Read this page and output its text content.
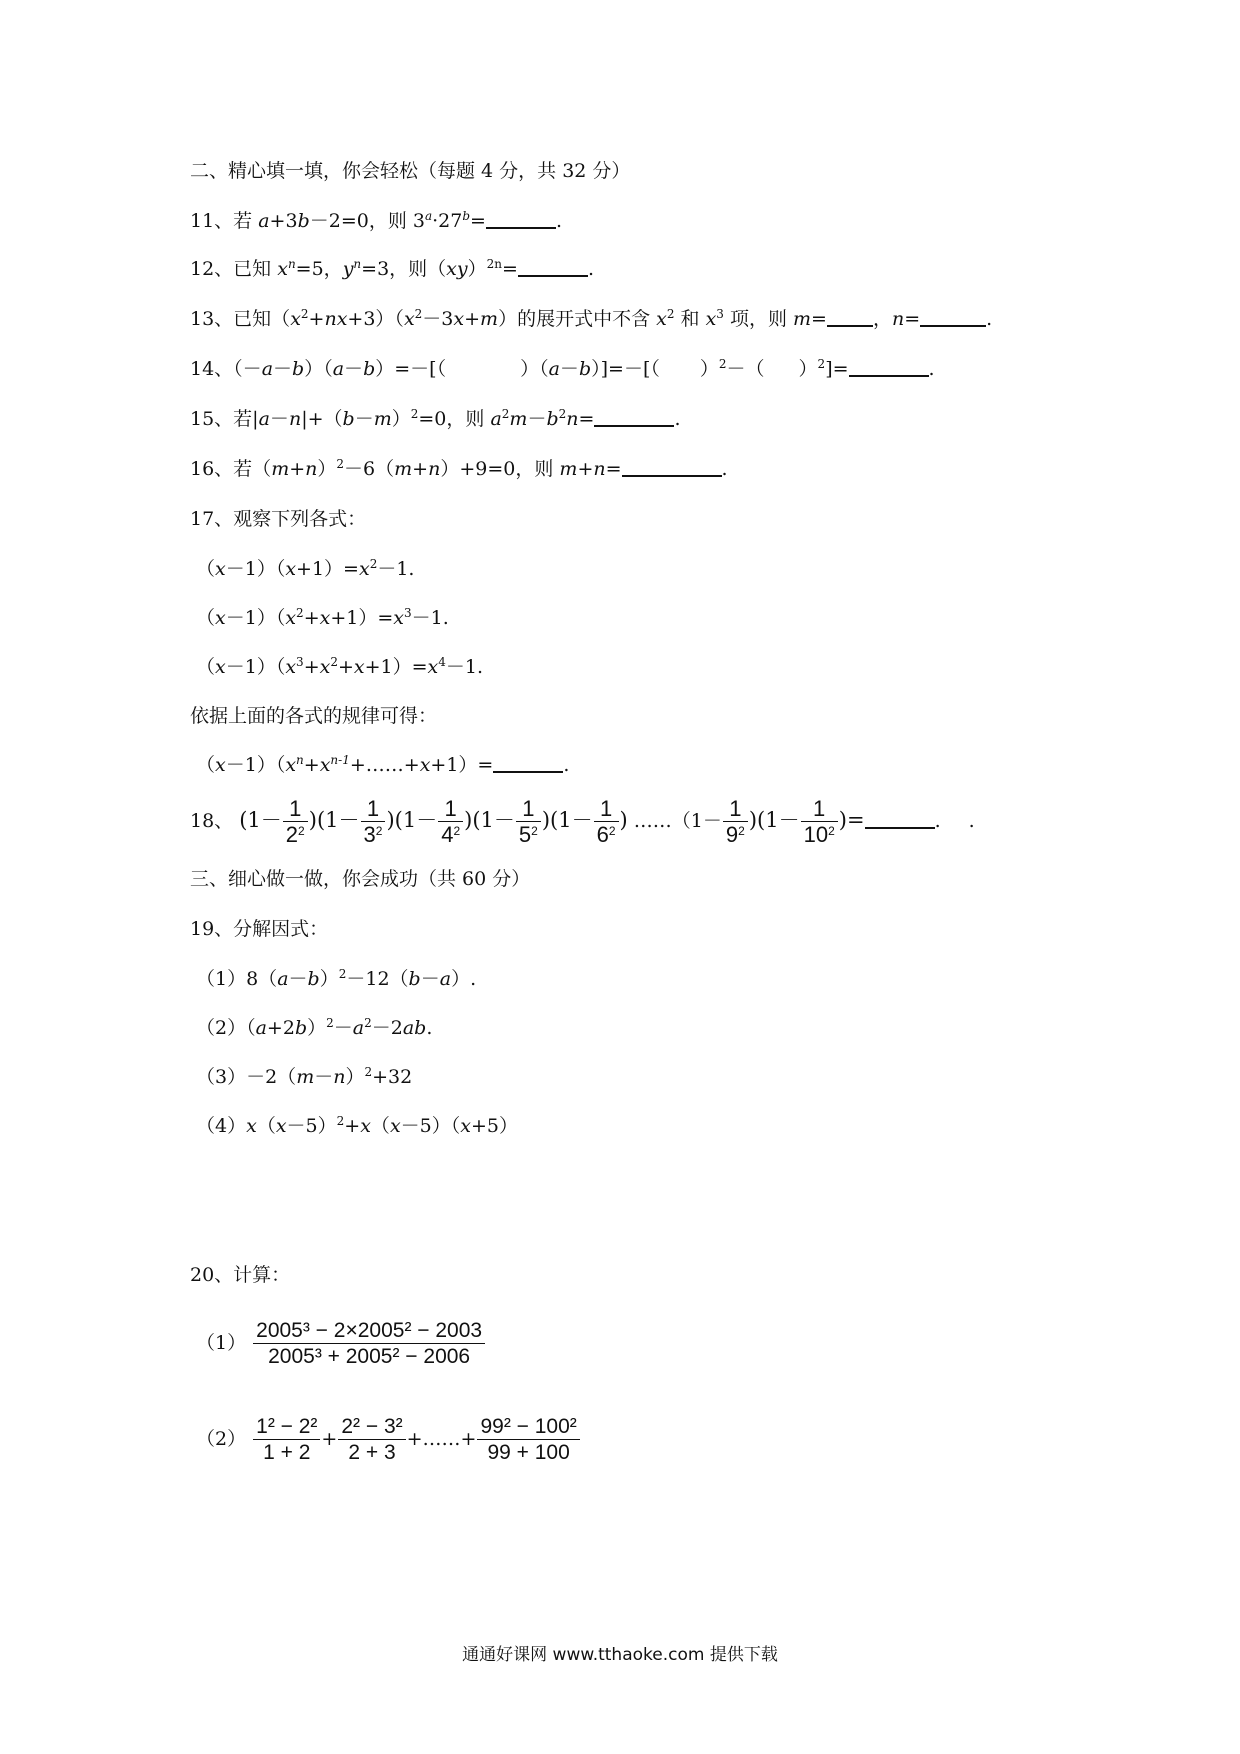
二、精心填一填，你会轻松（每题 4 分，共 32 分）
11、若 a+3b－2=0，则 $3^a\cdot 27^b=$	.
12、已知 $x^n=5$，$y^n=3$，则（xy）$^{2n}$=	.
13、已知$(x^2+nx+3)(x^2-3x+m)$的展开式中不含 $x^2$ 和 $x^3$ 项，则 m= ，n=	.
14、（－a－b）（a－b）=－[（	）（a－b）]=－[（ ）$^2$－（ ）$^2$]=	.
15、若$|a-n|+(b-m)^2=0$，则 $a^2m-b^2n=$	.
16、若$(m+n)^2-6(m+n)+9=0$，则 m+n=	.
17、观察下列各式：
$(x-1)(x+1)=x^2-1$.
$(x-1)(x^2+x+1)=x^3-1$.
$(x-1)(x^3+x^2+x+1)=x^4-1$.
依据上面的各式的规律可得：
$(x-1)(x^n+x^{n-1}+\dots\dots+x+1)=$	.
18、 $(1- \frac{1}{2^2} )(1- \frac{1}{3^2} )(1- \frac{1}{4^2} )(1- \frac{1}{5^2} )(1- \frac{1}{6^2}$ ) ……（1－ $\frac{1}{9^2} )(1- \frac{1}{10^2}$ )=	. .
三、细心做一做，你会成功（共 60 分）
19、分解因式：
$(1)8(a-b)^2-12(b-a)$.
$(2)(a+2b)^2-a^2-2ab$.
$(3)-2(m-n)^2+32$
$(4)x(x-5)^2+x(x-5)(x+5)$
20、计算：
$(1) \frac{\text{2005³ − 2×2005² − 2003}}{\text{2005³ + 2005² − 2006}}$
$(2) \frac{\text{1² − 2²}}{1 + 2} + \frac{\text{2² − 3²}}{2 + 3}$ +……+ $\frac{\text{99² − 100²}}{99 + 100}$
通通好课网 www.tthaoke.com 提供下载
